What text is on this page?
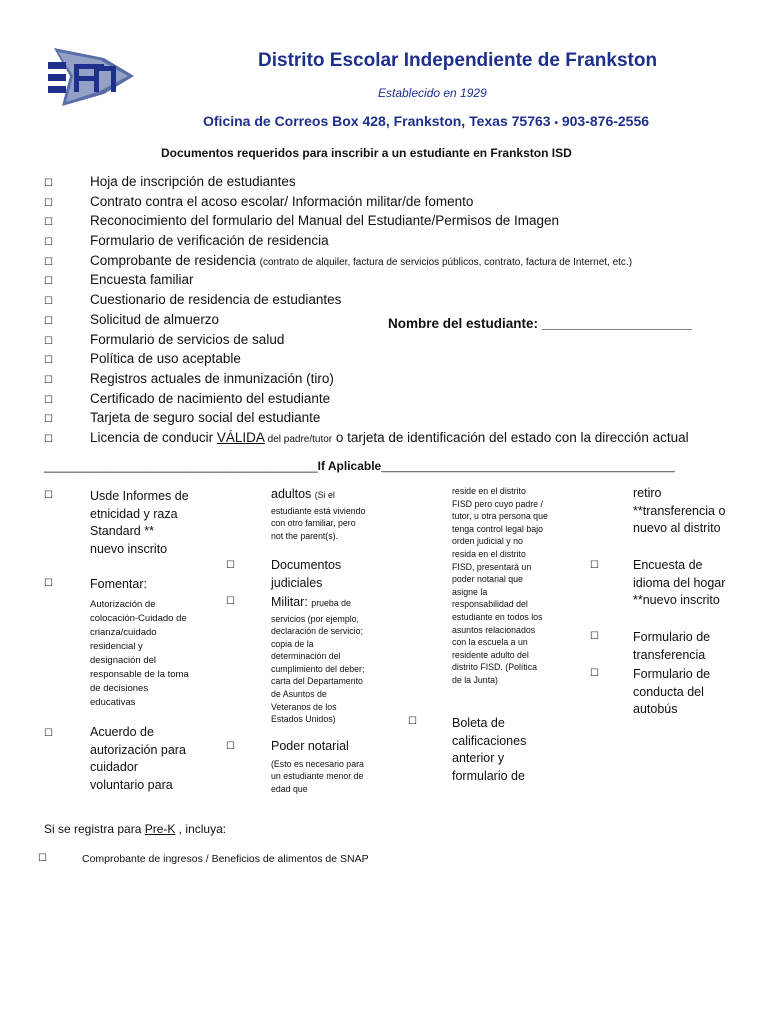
Distrito Escolar Independiente de Frankston
Establecido en 1929
Oficina de Correos Box 428, Frankston, Texas 75763 • 903-876-2556
Documentos requeridos para inscribir a un estudiante en Frankston ISD
☐	Hoja de inscripción de estudiantes
☐	Contrato contra el acoso escolar/ Información militar/de fomento
☐	Reconocimiento del formulario del Manual del Estudiante/Permisos de Imagen
☐	Formulario de verificación de residencia
☐	Comprobante de residencia (contrato de alquiler, factura de servicios públicos, contrato, factura de Internet, etc.)
☐	Encuesta familiar
☐	Cuestionario de residencia de estudiantes
☐	Solicitud de almuerzo
☐	Formulario de servicios de salud
☐	Política de uso aceptable
☐	Registros actuales de inmunización (tiro)
☐	Certificado de nacimiento del estudiante
☐	Tarjeta de seguro social del estudiante
☐	Licencia de conducir VÁLIDA del padre/tutor o tarjeta de identificación del estado con la dirección actual
Nombre del estudiante: ____________________
_________________________________________If Aplicable________________________________________________
☐	Usde Informes de etnicidad y raza Standard ** nuevo inscrito
☐	Fomentar:
Autorización de colocación-Cuidado de crianza/cuidado residencial y designación del responsable de la toma de decisiones educativas
☐	Acuerdo de autorización para cuidador voluntario para
adultos (Si el
estudiante está viviendo con otro familiar, pero not the parent(s).
☐	Documentos judiciales
☐	Militar: prueba de
servicios (por ejemplo, declaración de servicio; copia de la determinación del cumplimiento del deber; carta del Departamento de Asuntos de Veteranos de los Estados Unidos)
☐	Poder notarial
(Esto es necesario para un estudiante menor de edad que
reside en el distrito FISD pero cuyo padre / tutor, u otra persona que tenga control legal bajo orden judicial y no resida en el distrito FISD, presentará un poder notarial que asigne la responsabilidad del estudiante en todos los asuntos relacionados con la escuela a un residente adulto del distrito FISD. (Política de la Junta)
☐	Boleta de calificaciones anterior y formulario de
retiro **transferencia o nuevo al distrito
☐	Encuesta de idioma del hogar **nuevo inscrito
☐	Formulario de transferencia
☐	Formulario de conducta del autobús
Si se registra para Pre-K , incluya:
☐	Comprobante de ingresos / Beneficios de alimentos de SNAP
